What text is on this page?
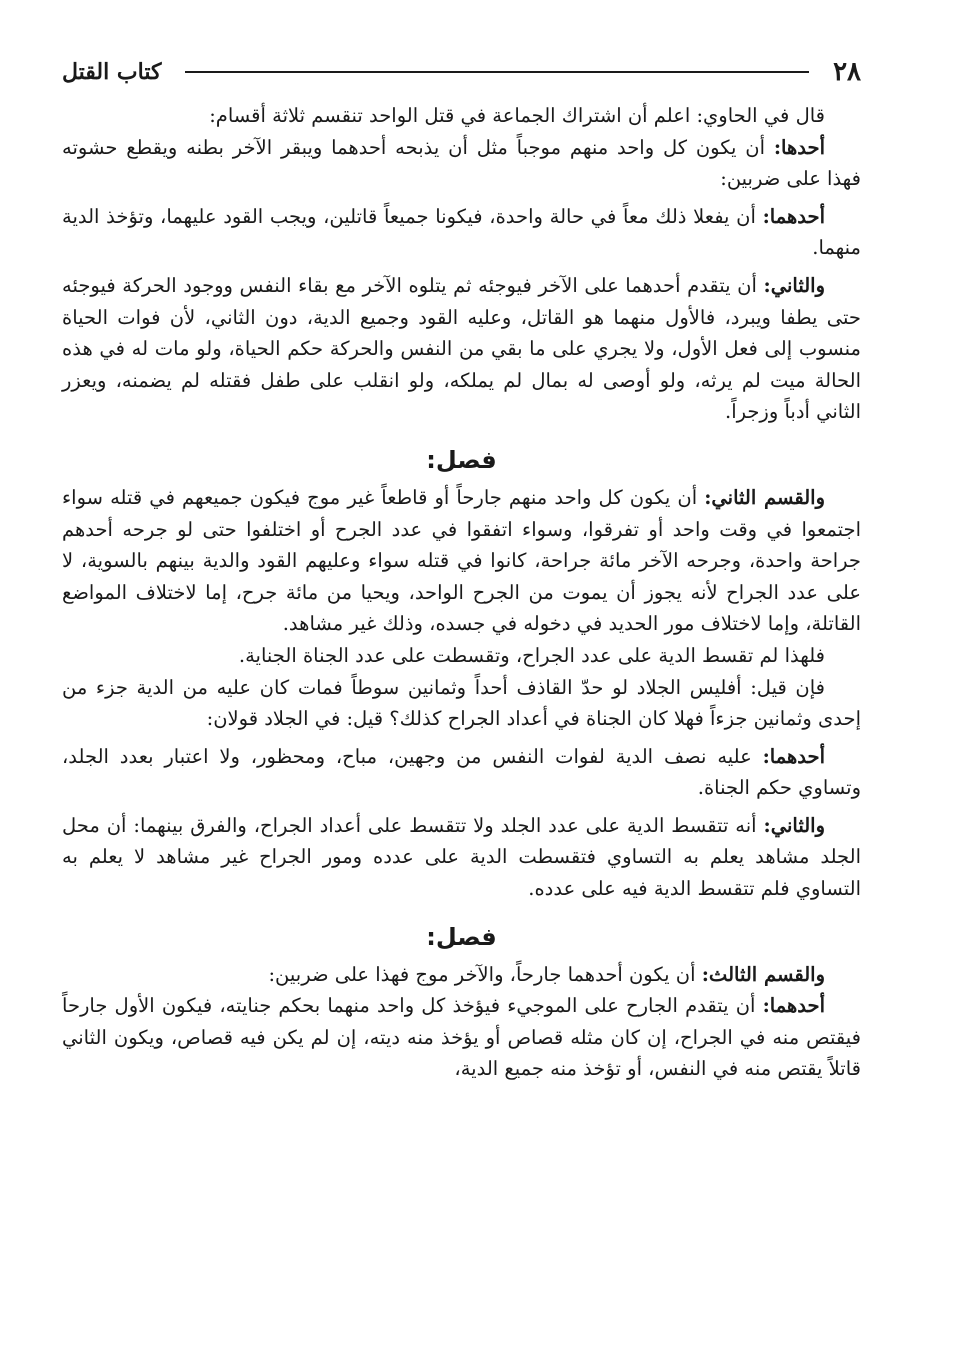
٢٨
كتاب القتل

قال في الحاوي: اعلم أن اشتراك الجماعة في قتل الواحد تنقسم ثلاثة أقسام:

أحدها: أن يكون كل واحد منهم موجباً مثل أن يذبحه أحدهما ويبقر الآخر بطنه ويقطع حشوته فهذا على ضربين:

أحدهما: أن يفعلا ذلك معاً في حالة واحدة، فيكونا جميعاً قاتلين، ويجب القود عليهما، وتؤخذ الدية منهما.

والثاني: أن يتقدم أحدهما على الآخر فيوجئه ثم يتلوه الآخر مع بقاء النفس ووجود الحركة فيوجئه حتى يطفا ويبرد، فالأول منهما هو القاتل، وعليه القود وجميع الدية، دون الثاني، لأن فوات الحياة منسوب إلى فعل الأول، ولا يجري على ما بقي من النفس والحركة حكم الحياة، ولو مات له في هذه الحالة ميت لم يرثه، ولو أوصى له بمال لم يملكه، ولو انقلب على طفل فقتله لم يضمنه، ويعزر الثاني أدباً وزجراً.

فصل:

والقسم الثاني: أن يكون كل واحد منهم جارحاً أو قاطعاً غير موج فيكون جميعهم في قتله سواء اجتمعوا في وقت واحد أو تفرقوا، وسواء اتفقوا في عدد الجرح أو اختلفوا حتى لو جرحه أحدهم جراحة واحدة، وجرحه الآخر مائة جراحة، كانوا في قتله سواء وعليهم القود والدية بينهم بالسوية، لا على عدد الجراح لأنه يجوز أن يموت من الجرح الواحد، ويحيا من مائة جرح، إما لاختلاف المواضع القاتلة، وإما لاختلاف مور الحديد في دخوله في جسده، وذلك غير مشاهد.

فلهذا لم تقسط الدية على عدد الجراح، وتقسطت على عدد الجناة الجناية.

فإن قيل: أفليس الجلاد لو حدّ القاذف أحداً وثمانين سوطاً فمات كان عليه من الدية جزء من إحدى وثمانين جزءاً فهلا كان الجناة في أعداد الجراح كذلك؟ قيل: في الجلاد قولان:

أحدهما: عليه نصف الدية لفوات النفس من وجهين، مباح، ومحظور، ولا اعتبار بعدد الجلد، وتساوي حكم الجناة.

والثاني: أنه تتقسط الدية على عدد الجلد ولا تتقسط على أعداد الجراح، والفرق بينهما: أن محل الجلد مشاهد يعلم به التساوي فتقسطت الدية على عدده ومور الجراح غير مشاهد لا يعلم به التساوي فلم تتقسط الدية فيه على عدده.

فصل:

والقسم الثالث: أن يكون أحدهما جارحاً، والآخر موج فهذا على ضربين:

أحدهما: أن يتقدم الجارح على الموجيء فيؤخذ كل واحد منهما بحكم جنايته، فيكون الأول جارحاً فيقتص منه في الجراح، إن كان مثله قصاص أو يؤخذ منه ديته، إن لم يكن فيه قصاص، ويكون الثاني قاتلاً يقتص منه في النفس، أو تؤخذ منه جميع الدية،
